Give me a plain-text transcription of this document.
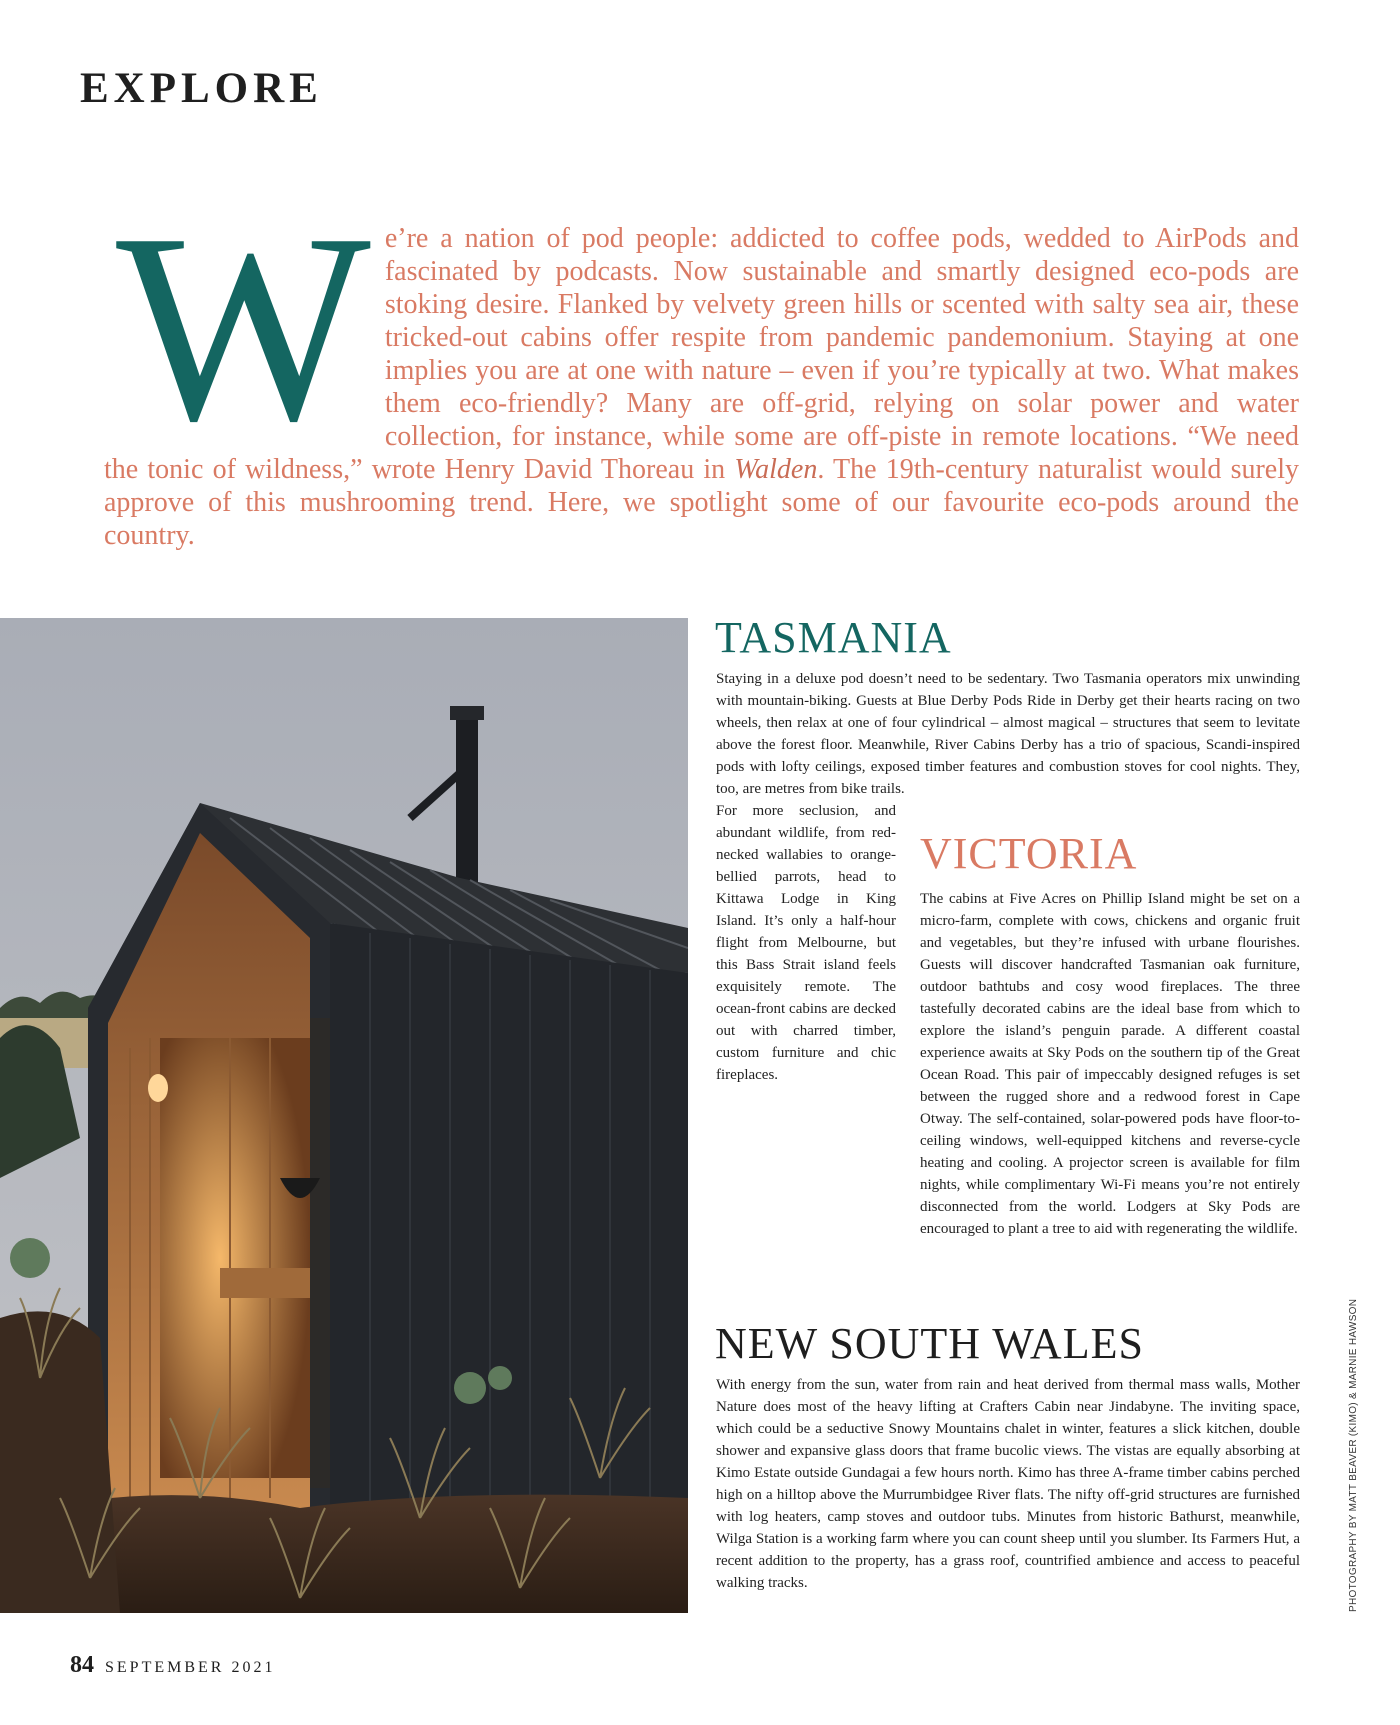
EXPLORE
W e’re a nation of pod people: addicted to coffee pods, wedded to AirPods and fascinated by podcasts. Now sustainable and smartly designed eco-pods are stoking desire. Flanked by velvety green hills or scented with salty sea air, these tricked-out cabins offer respite from pandemic pandemonium. Staying at one implies you are at one with nature – even if you’re typically at two. What makes them eco-friendly? Many are off-grid, relying on solar power and water collection, for instance, while some are off-piste in remote locations. “We need the tonic of wildness,” wrote Henry David Thoreau in Walden. The 19th-century naturalist would surely approve of this mushrooming trend. Here, we spotlight some of our favourite eco-pods around the country.
TASMANIA

Staying in a deluxe pod doesn’t need to be sedentary. Two Tasmania operators mix unwinding with mountain-biking. Guests at Blue Derby Pods Ride in Derby get their hearts racing on two wheels, then relax at one of four cylindrical – almost magical – structures that seem to levitate above the forest floor. Meanwhile, River Cabins Derby has a trio of spacious, Scandi-inspired pods with lofty ceilings, exposed timber features and combustion stoves for cool nights. They, too, are metres from bike trails.

For more seclusion, and abundant wildlife, from red-necked wallabies to orange-bellied parrots, head to Kittawa Lodge in King Island. It’s only a half-hour flight from Melbourne, but this Bass Strait island feels exquisitely remote. The ocean-front cabins are decked out with charred timber, custom furniture and chic fireplaces.

VICTORIA

The cabins at Five Acres on Phillip Island might be set on a micro-farm, complete with cows, chickens and organic fruit and vegetables, but they’re infused with urbane flourishes. Guests will discover handcrafted Tasmanian oak furniture, outdoor bathtubs and cosy wood fireplaces. The three tastefully decorated cabins are the ideal base from which to explore the island’s penguin parade. A different coastal experience awaits at Sky Pods on the southern tip of the Great Ocean Road. This pair of impeccably designed refuges is set between the rugged shore and a redwood forest in Cape Otway. The self-contained, solar-powered pods have floor-to-ceiling windows, well-equipped kitchens and reverse-cycle heating and cooling. A projector screen is available for film nights, while complimentary Wi-Fi means you’re not entirely disconnected from the world. Lodgers at Sky Pods are encouraged to plant a tree to aid with regenerating the wildlife.

NEW SOUTH WALES

With energy from the sun, water from rain and heat derived from thermal mass walls, Mother Nature does most of the heavy lifting at Crafters Cabin near Jindabyne. The inviting space, which could be a seductive Snowy Mountains chalet in winter, features a slick kitchen, double shower and expansive glass doors that frame bucolic views. The vistas are equally absorbing at Kimo Estate outside Gundagai a few hours north. Kimo has three A-frame timber cabins perched high on a hilltop above the Murrumbidgee River flats. The nifty off-grid structures are furnished with log heaters, camp stoves and outdoor tubs. Minutes from historic Bathurst, meanwhile, Wilga Station is a working farm where you can count sheep until you slumber. Its Farmers Hut, a recent addition to the property, has a grass roof, countrified ambience and access to peaceful walking tracks.	PHOTOGRAPHY BY MATT BEAVER (KIMO) & MARNIE HAWSON
84 SEPTEMBER 2021
